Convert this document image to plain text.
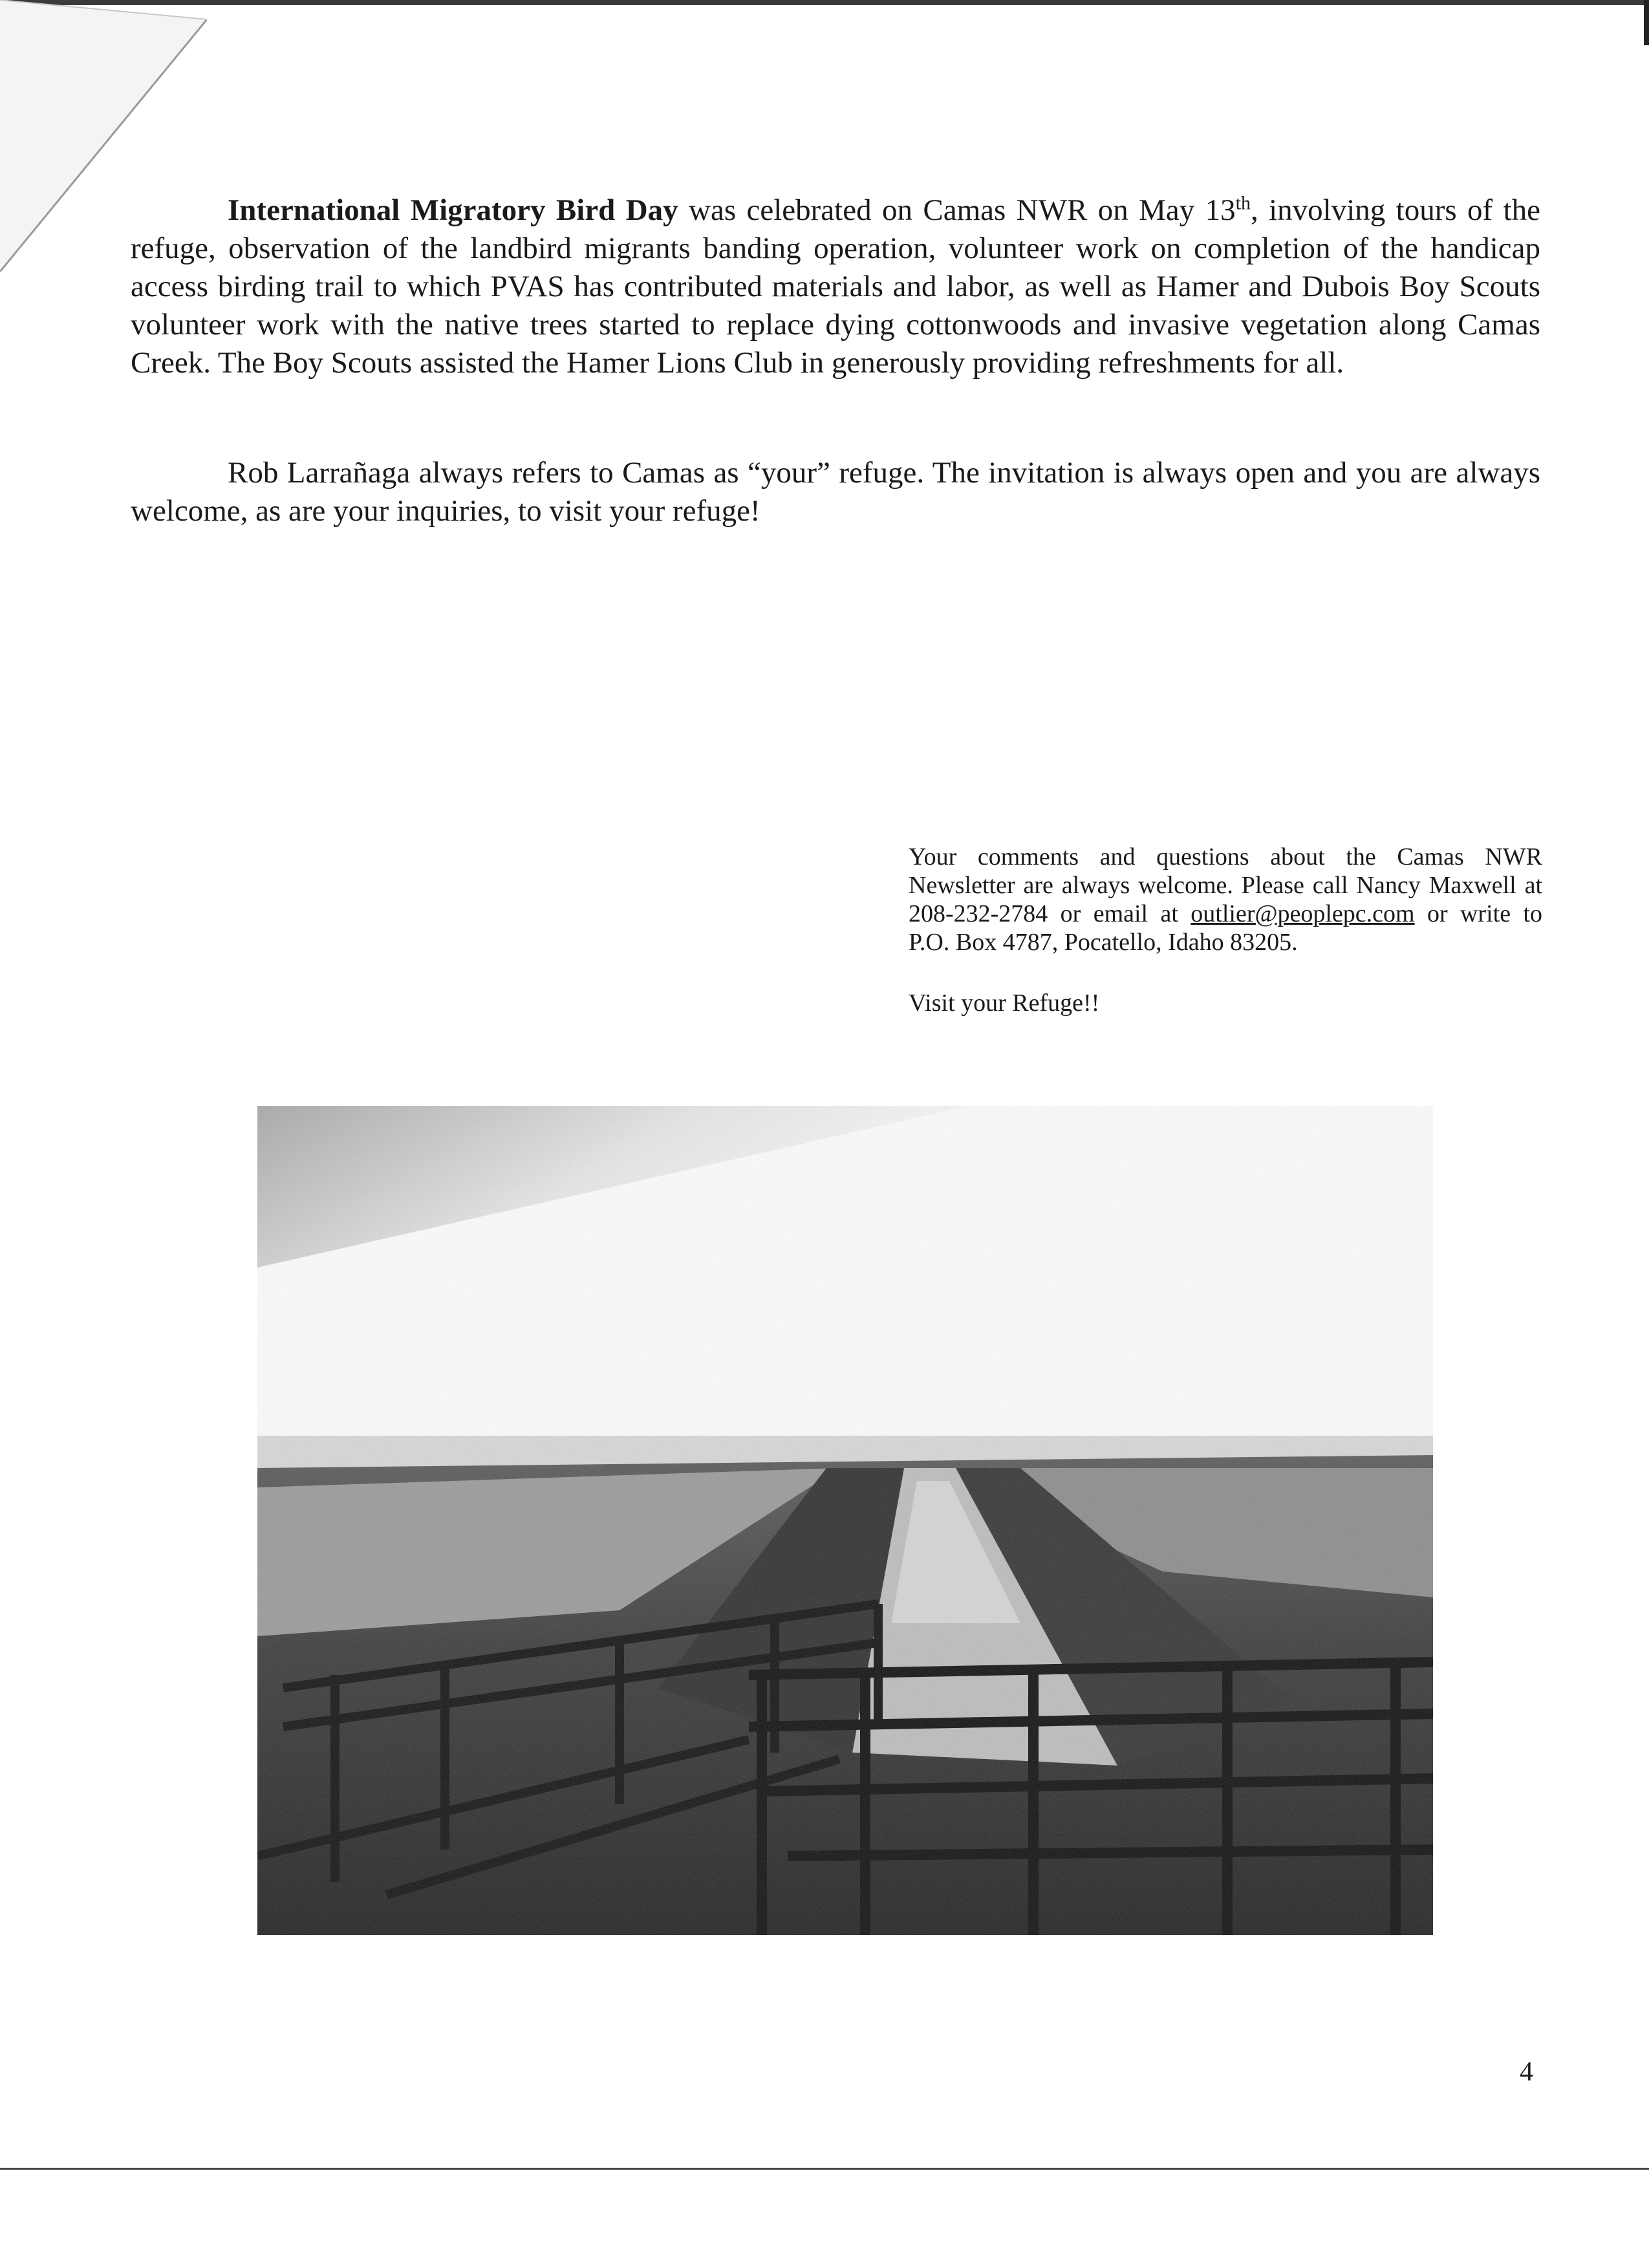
International Migratory Bird Day was celebrated on Camas NWR on May 13th, involving tours of the refuge, observation of the landbird migrants banding operation, volunteer work on completion of the handicap access birding trail to which PVAS has contributed materials and labor, as well as Hamer and Dubois Boy Scouts volunteer work with the native trees started to replace dying cottonwoods and invasive vegetation along Camas Creek. The Boy Scouts assisted the Hamer Lions Club in generously providing refreshments for all.

Rob Larrañaga always refers to Camas as “your” refuge. The invitation is always open and you are always welcome, as are your inquiries, to visit your refuge!

Your comments and questions about the Camas NWR Newsletter are always welcome. Please call Nancy Maxwell at 208-232-2784 or email at outlier@peoplepc.com or write to P.O. Box 4787, Pocatello, Idaho 83205.

Visit your Refuge!!

4
